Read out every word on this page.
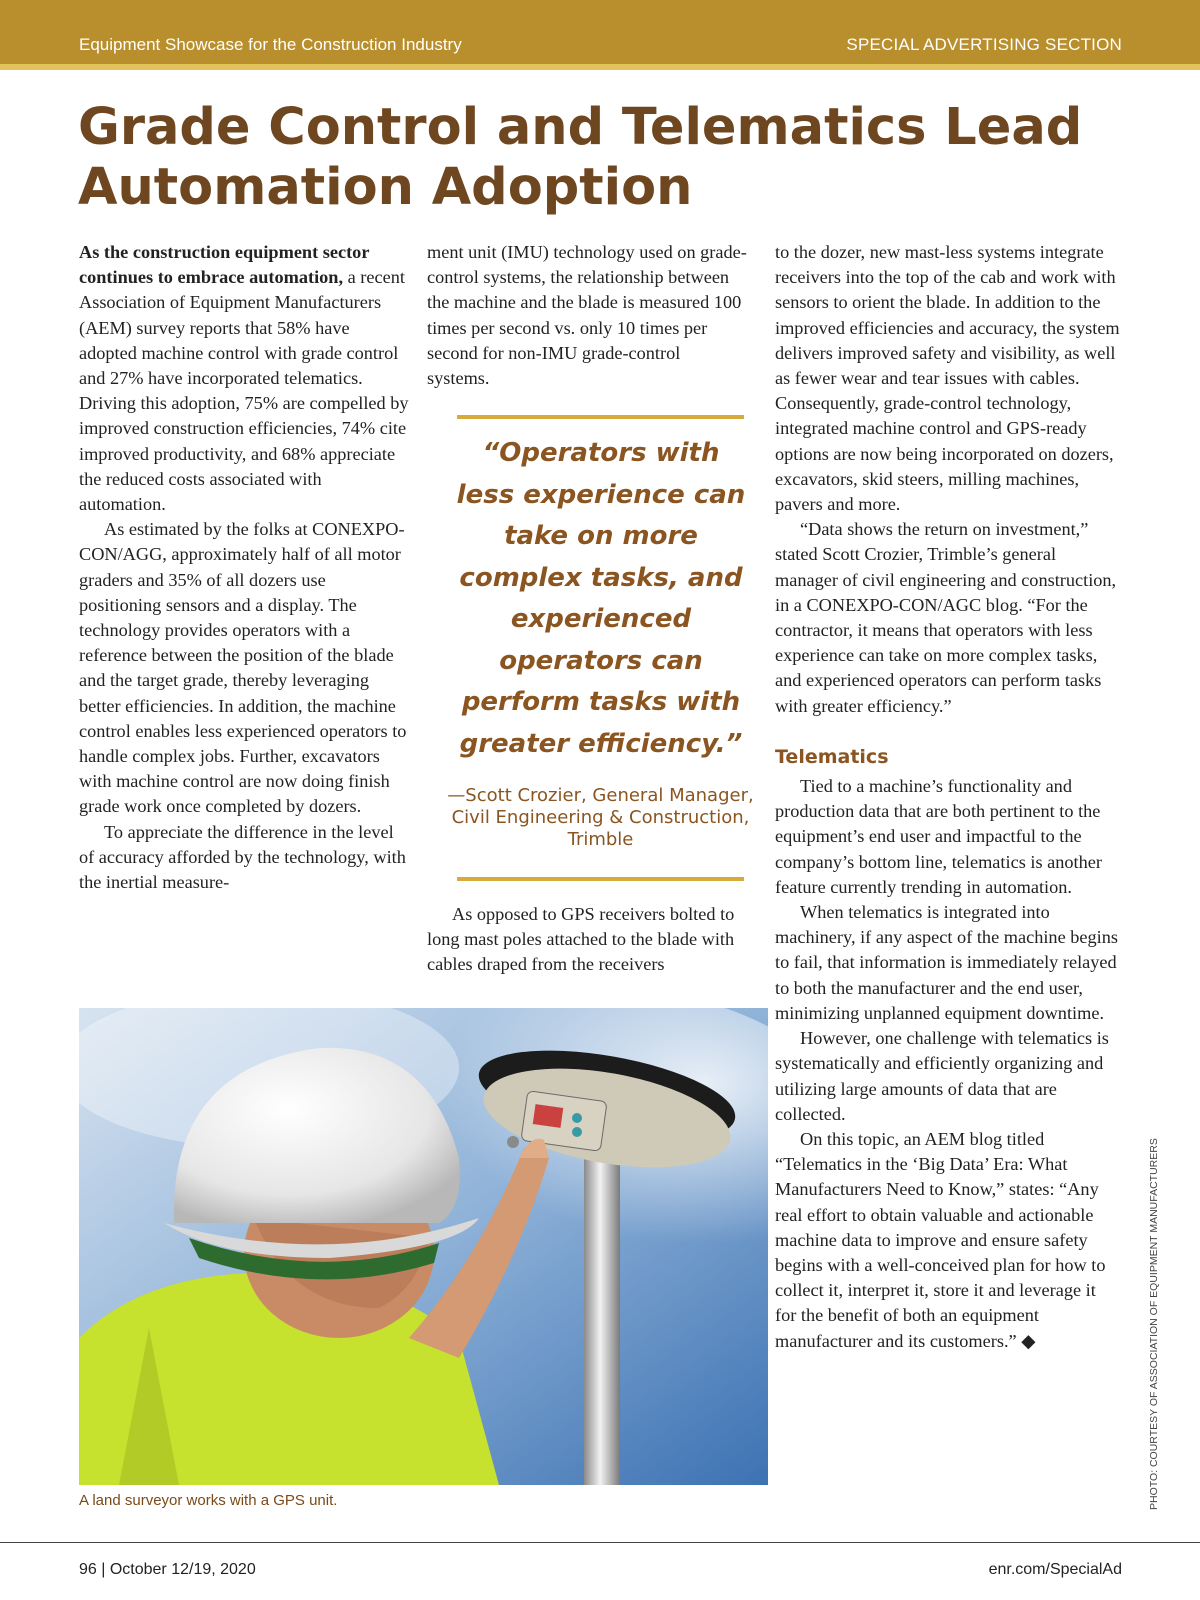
Equipment Showcase for the Construction Industry	SPECIAL ADVERTISING SECTION
Grade Control and Telematics Lead Automation Adoption

As the construction equipment sector continues to embrace automation, a recent Association of Equipment Manufacturers (AEM) survey reports that 58% have adopted machine control with grade control and 27% have incorporated telematics. Driving this adoption, 75% are compelled by improved construction efficiencies, 74% cite improved productivity, and 68% appreciate the reduced costs associated with automation.

As estimated by the folks at CONEXPO-CON/AGG, approximately half of all motor graders and 35% of all dozers use positioning sensors and a display. The technology provides operators with a reference between the position of the blade and the target grade, thereby leveraging better efficiencies. In addition, the machine control enables less experienced operators to handle complex jobs. Further, excavators with machine control are now doing finish grade work once completed by dozers.

To appreciate the difference in the level of accuracy afforded by the technology, with the inertial measure-

ment unit (IMU) technology used on grade-control systems, the relationship between the machine and the blade is measured 100 times per second vs. only 10 times per second for non-IMU grade-control systems.

“Operators with less experience can take on more complex tasks, and experienced operators can perform tasks with greater efficiency.”

—Scott Crozier, General Manager, Civil Engineering & Construction, Trimble

As opposed to GPS receivers bolted to long mast poles attached to the blade with cables draped from the receivers

to the dozer, new mast-less systems integrate receivers into the top of the cab and work with sensors to orient the blade. In addition to the improved efficiencies and accuracy, the system delivers improved safety and visibility, as well as fewer wear and tear issues with cables. Consequently, grade-control technology, integrated machine control and GPS-ready options are now being incorporated on dozers, excavators, skid steers, milling machines, pavers and more.

“Data shows the return on investment,” stated Scott Crozier, Trimble’s general manager of civil engineering and construction, in a CONEXPO-CON/AGC blog. “For the contractor, it means that operators with less experience can take on more complex tasks, and experienced operators can perform tasks with greater efficiency.”

Telematics

Tied to a machine’s functionality and production data that are both pertinent to the equipment’s end user and impactful to the company’s bottom line, telematics is another feature currently trending in automation.

When telematics is integrated into machinery, if any aspect of the machine begins to fail, that information is immediately relayed to both the manufacturer and the end user, minimizing unplanned equipment downtime.

However, one challenge with telematics is systematically and efficiently organizing and utilizing large amounts of data that are collected.

On this topic, an AEM blog titled “Telematics in the ‘Big Data’ Era: What Manufacturers Need to Know,” states: “Any real effort to obtain valuable and actionable machine data to improve and ensure safety begins with a well-conceived plan for how to collect it, interpret it, store it and leverage it for the benefit of both an equipment manufacturer and its customers.” ◆

A land surveyor works with a GPS unit.	PHOTO: COURTESY OF ASSOCIATION OF EQUIPMENT MANUFACTURERS
96 | October 12/19, 2020	enr.com/SpecialAd
